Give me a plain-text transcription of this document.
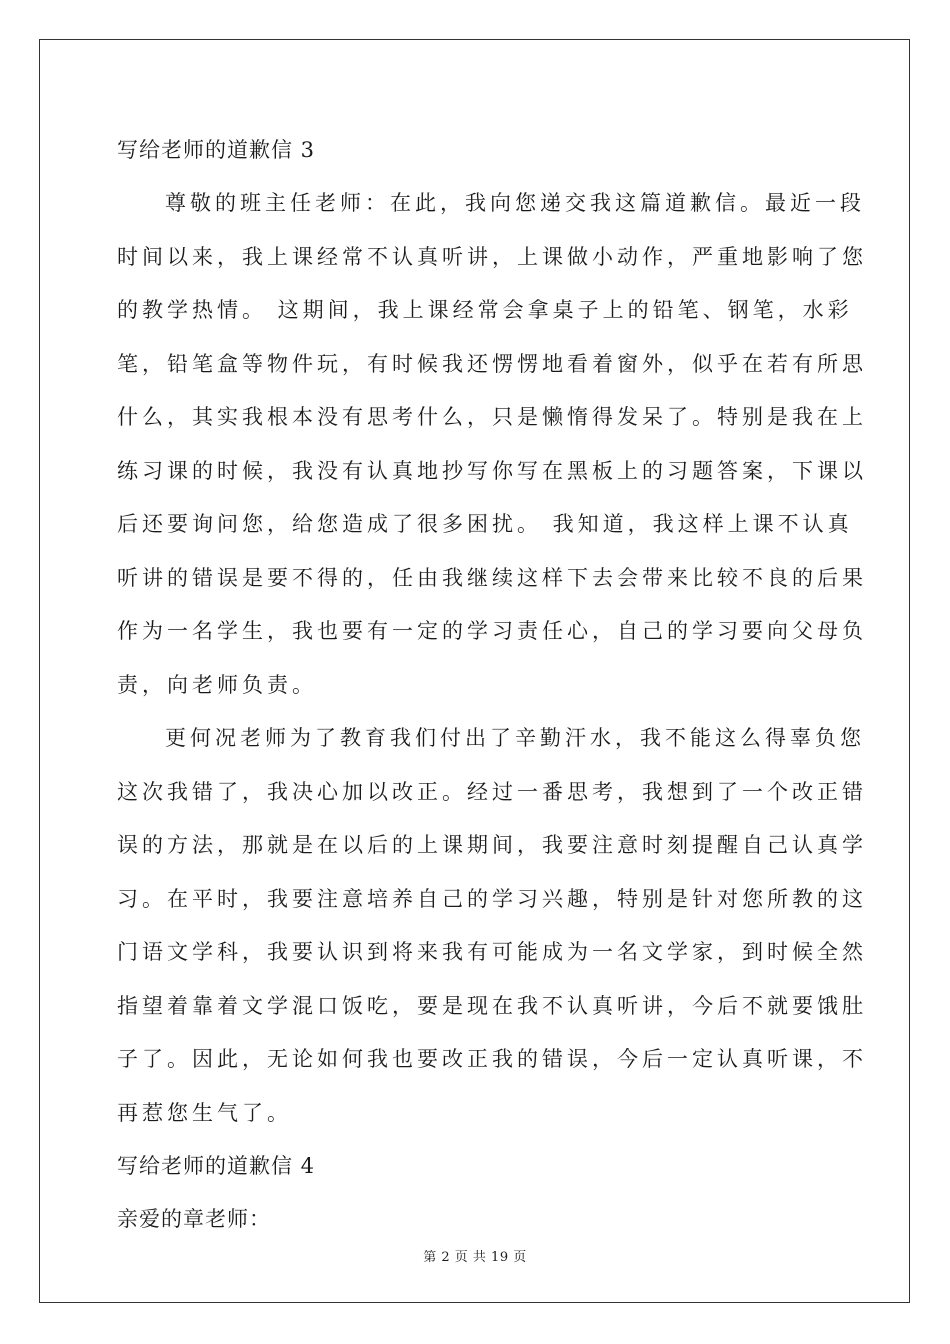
写给老师的道歉信 3

尊敬的班主任老师：在此，我向您递交我这篇道歉信。最近一段
时间以来，我上课经常不认真听讲，上课做小动作，严重地影响了您
的教学热情。 这期间，我上课经常会拿桌子上的铅笔、钢笔，水彩
笔，铅笔盒等物件玩，有时候我还愣愣地看着窗外，似乎在若有所思
什么，其实我根本没有思考什么，只是懒惰得发呆了。特别是我在上
练习课的时候，我没有认真地抄写你写在黑板上的习题答案，下课以
后还要询问您，给您造成了很多困扰。 我知道，我这样上课不认真
听讲的错误是要不得的，任由我继续这样下去会带来比较不良的后果
作为一名学生，我也要有一定的学习责任心，自己的学习要向父母负
责，向老师负责。

更何况老师为了教育我们付出了辛勤汗水，我不能这么得辜负您
这次我错了，我决心加以改正。经过一番思考，我想到了一个改正错
误的方法，那就是在以后的上课期间，我要注意时刻提醒自己认真学
习。在平时，我要注意培养自己的学习兴趣，特别是针对您所教的这
门语文学科，我要认识到将来我有可能成为一名文学家，到时候全然
指望着靠着文学混口饭吃，要是现在我不认真听讲，今后不就要饿肚
子了。因此，无论如何我也要改正我的错误，今后一定认真听课，不
再惹您生气了。

写给老师的道歉信 4

亲爱的章老师：

第 2 页 共 19 页
